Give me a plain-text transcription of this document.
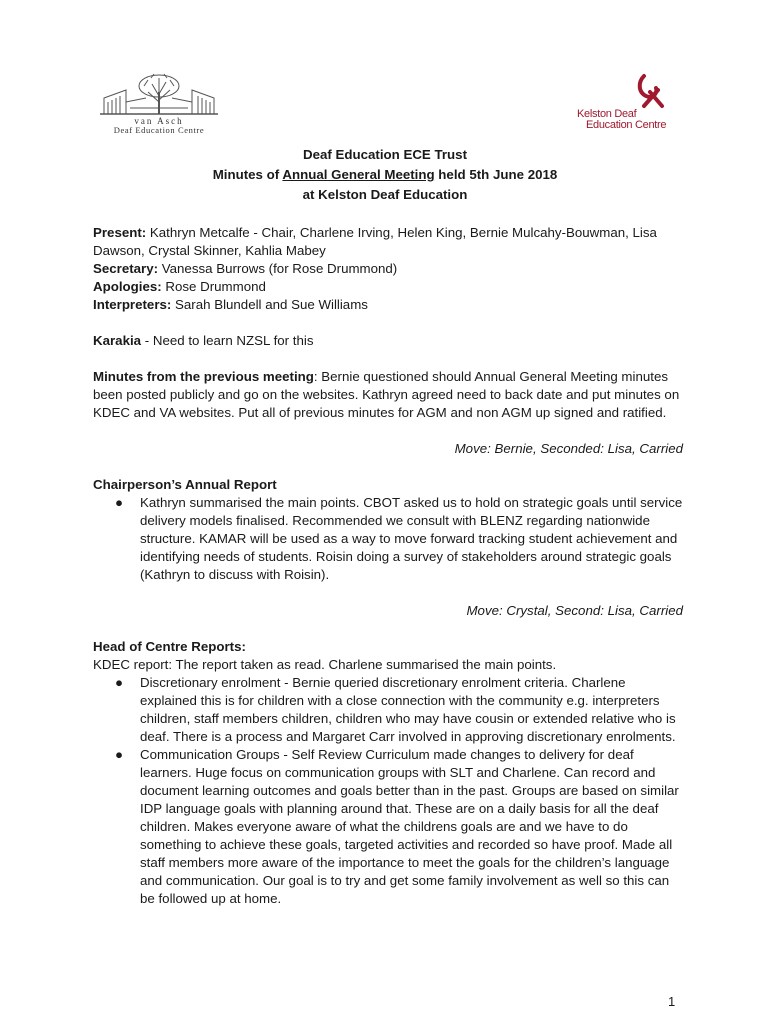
van Asch
Deaf Education Centre
Kelston Deaf
Education Centre
Deaf Education ECE Trust
Minutes of Annual General Meeting held 5th June 2018
at Kelston Deaf Education

Present: Kathryn Metcalfe - Chair, Charlene Irving, Helen King, Bernie Mulcahy-Bouwman, Lisa Dawson, Crystal Skinner, Kahlia Mabey

Secretary: Vanessa Burrows (for Rose Drummond)

Apologies: Rose Drummond

Interpreters: Sarah Blundell and Sue Williams

Karakia - Need to learn NZSL for this

Minutes from the previous meeting: Bernie questioned should Annual General Meeting minutes been posted publicly and go on the websites. Kathryn agreed need to back date and put minutes on KDEC and VA websites. Put all of previous minutes for AGM and non AGM up signed and ratified.

Move: Bernie, Seconded: Lisa, Carried

Chairperson’s Annual Report

● Kathryn summarised the main points. CBOT asked us to hold on strategic goals until service delivery models finalised. Recommended we consult with BLENZ regarding nationwide structure. KAMAR will be used as a way to move forward tracking student achievement and identifying needs of students. Roisin doing a survey of stakeholders around strategic goals (Kathryn to discuss with Roisin).

Move: Crystal, Second: Lisa, Carried

Head of Centre Reports:

KDEC report: The report taken as read. Charlene summarised the main points.

● Discretionary enrolment - Bernie queried discretionary enrolment criteria. Charlene explained this is for children with a close connection with the community e.g. interpreters children, staff members children, children who may have cousin or extended relative who is deaf. There is a process and Margaret Carr involved in approving discretionary enrolments.
● Communication Groups - Self Review Curriculum made changes to delivery for deaf learners. Huge focus on communication groups with SLT and Charlene. Can record and document learning outcomes and goals better than in the past. Groups are based on similar IDP language goals with planning around that. These are on a daily basis for all the deaf children. Makes everyone aware of what the childrens goals are and we have to do something to achieve these goals, targeted activities and recorded so have proof. Made all staff members more aware of the importance to meet the goals for the children’s language and communication. Our goal is to try and get some family involvement as well so this can be followed up at home.
1
